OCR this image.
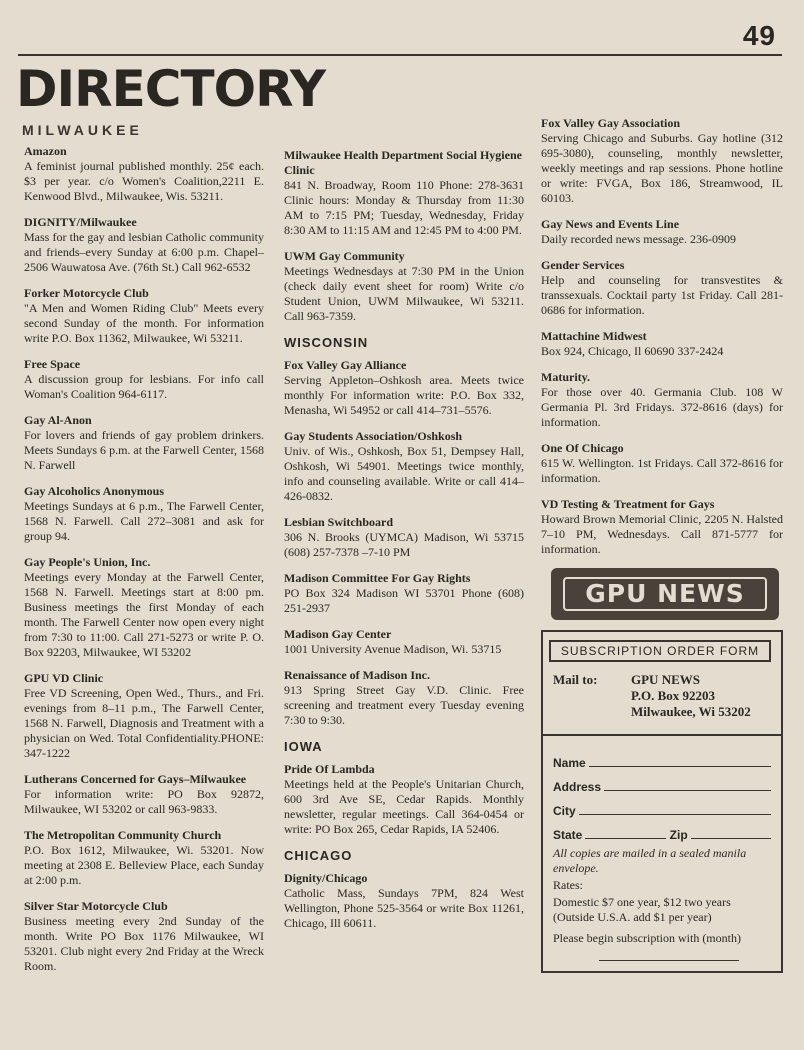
49
DIRECTORY
MILWAUKEE
Amazon
A feminist journal published monthly. 25¢ each. $3 per year. c/o Women's Coalition,2211 E. Kenwood Blvd., Milwaukee, Wis. 53211.
DIGNITY/Milwaukee
Mass for the gay and lesbian Catholic community and friends–every Sunday at 6:00 p.m. Chapel–2506 Wauwatosa Ave. (76th St.) Call 962-6532
Forker Motorcycle Club
"A Men and Women Riding Club" Meets every second Sunday of the month. For information write P.O. Box 11362, Milwaukee, Wi 53211.
Free Space
A discussion group for lesbians. For info call Woman's Coalition 964-6117.
Gay Al-Anon
For lovers and friends of gay problem drinkers. Meets Sundays 6 p.m. at the Farwell Center, 1568 N. Farwell
Gay Alcoholics Anonymous
Meetings Sundays at 6 p.m., The Farwell Center, 1568 N. Farwell. Call 272–3081 and ask for group 94.
Gay People's Union, Inc.
Meetings every Monday at the Farwell Center, 1568 N. Farwell. Meetings start at 8:00 pm. Business meetings the first Monday of each month. The Farwell Center now open every night from 7:30 to 11:00. Call 271-5273 or write P. O. Box 92203, Milwaukee, WI 53202
GPU VD Clinic
Free VD Screening, Open Wed., Thurs., and Fri. evenings from 8–11 p.m., The Farwell Center, 1568 N. Farwell, Diagnosis and Treatment with a physician on Wed. Total Confidentiality.PHONE: 347-1222
Lutherans Concerned for Gays–Milwaukee
For information write: PO Box 92872, Milwaukee, WI 53202 or call 963-9833.
The Metropolitan Community Church
P.O. Box 1612, Milwaukee, Wi. 53201. Now meeting at 2308 E. Belleview Place, each Sunday at 2:00 p.m.
Silver Star Motorcycle Club
Business meeting every 2nd Sunday of the month. Write PO Box 1176 Milwaukee, WI 53201. Club night every 2nd Friday at the Wreck Room.
Milwaukee Health Department Social Hygiene Clinic
841 N. Broadway, Room 110 Phone: 278-3631 Clinic hours: Monday & Thursday from 11:30 AM to 7:15 PM; Tuesday, Wednesday, Friday 8:30 AM to 11:15 AM and 12:45 PM to 4:00 PM.
UWM Gay Community
Meetings Wednesdays at 7:30 PM in the Union (check daily event sheet for room) Write c/o Student Union, UWM Milwaukee, Wi 53211. Call 963-7359.
WISCONSIN
Fox Valley Gay Alliance
Serving Appleton–Oshkosh area. Meets twice monthly For information write: P.O. Box 332, Menasha, Wi 54952 or call 414–731–5576.
Gay Students Association/Oshkosh
Univ. of Wis., Oshkosh, Box 51, Dempsey Hall, Oshkosh, Wi 54901. Meetings twice monthly, info and counseling available. Write or call 414–426-0832.
Lesbian Switchboard
306 N. Brooks (UYMCA) Madison, Wi 53715 (608) 257-7378 –7-10 PM
Madison Committee For Gay Rights
PO Box 324 Madison WI 53701 Phone (608) 251-2937
Madison Gay Center
1001 University Avenue Madison, Wi. 53715
Renaissance of Madison Inc.
913 Spring Street Gay V.D. Clinic. Free screening and treatment every Tuesday evening 7:30 to 9:30.
IOWA
Pride Of Lambda
Meetings held at the People's Unitarian Church, 600 3rd Ave SE, Cedar Rapids. Monthly newsletter, regular meetings. Call 364-0454 or write: PO Box 265, Cedar Rapids, IA 52406.
CHICAGO
Dignity/Chicago
Catholic Mass, Sundays 7PM, 824 West Wellington, Phone 525-3564 or write Box 11261, Chicago, Ill 60611.
Fox Valley Gay Association
Serving Chicago and Suburbs. Gay hotline (312 695-3080), counseling, monthly newsletter, weekly meetings and rap sessions. Phone hotline or write: FVGA, Box 186, Streamwood, IL 60103.
Gay News and Events Line
Daily recorded news message. 236-0909
Gender Services
Help and counseling for transvestites & transsexuals. Cocktail party 1st Friday. Call 281-0686 for information.
Mattachine Midwest
Box 924, Chicago, Il 60690 337-2424
Maturity.
For those over 40. Germania Club. 108 W Germania Pl. 3rd Fridays. 372-8616 (days) for information.
One Of Chicago
615 W. Wellington. 1st Fridays. Call 372-8616 for information.
VD Testing & Treatment for Gays
Howard Brown Memorial Clinic, 2205 N. Halsted 7–10 PM, Wednesdays. Call 871-5777 for information.
GPU NEWS
SUBSCRIPTION ORDER FORM
Mail to:	GPU NEWS
P.O. Box 92203
Milwaukee, Wi 53202
Name
Address
City
State	Zip
All copies are mailed in a sealed manila envelope.
Rates:
Domestic $7 one year, $12 two years (Outside U.S.A. add $1 per year)
Please begin subscription with (month)
